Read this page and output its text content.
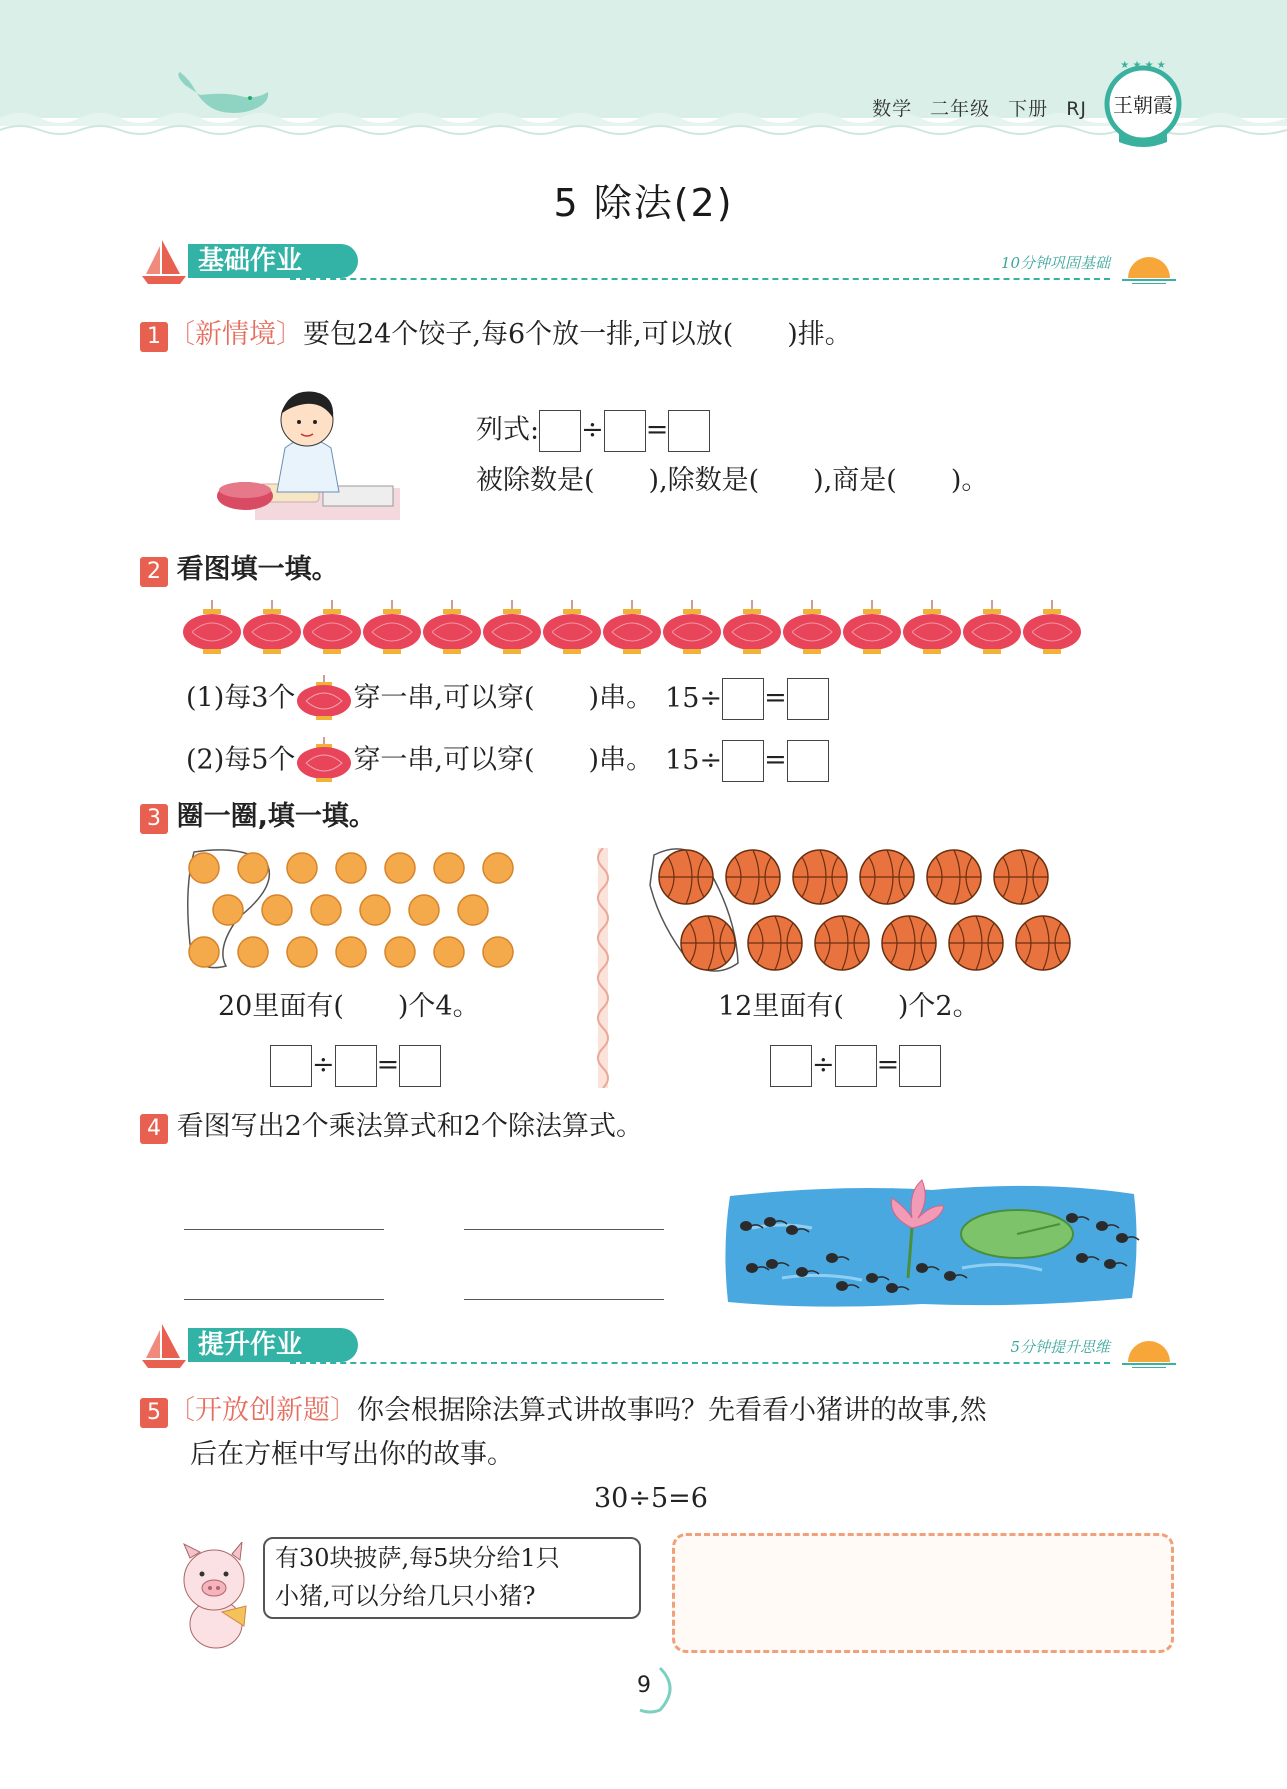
数学 二年级 下册 RJ
★ ★ ★ ★
王朝霞
5 除法(2)
基础作业	10分钟巩固基础
1 〔新情境〕要包24个饺子,每6个放一排,可以放(　　)排。
列式: ÷ =
被除数是(　　),除数是(　　),商是(　　)。
2 看图填一填。
(1)每3个 穿一串,可以穿(　　)串。 15÷ =
(2)每5个 穿一串,可以穿(　　)串。 15÷ =
3 圈一圈,填一填。
20里面有(　　)个4。	12里面有(　　)个2。
÷ =	÷ =
4 看图写出2个乘法算式和2个除法算式。
提升作业	5分钟提升思维
5 〔开放创新题〕你会根据除法算式讲故事吗？先看看小猪讲的故事,然
后在方框中写出你的故事。
30÷5=6
有30块披萨,每5块分给1只
小猪,可以分给几只小猪?
9
